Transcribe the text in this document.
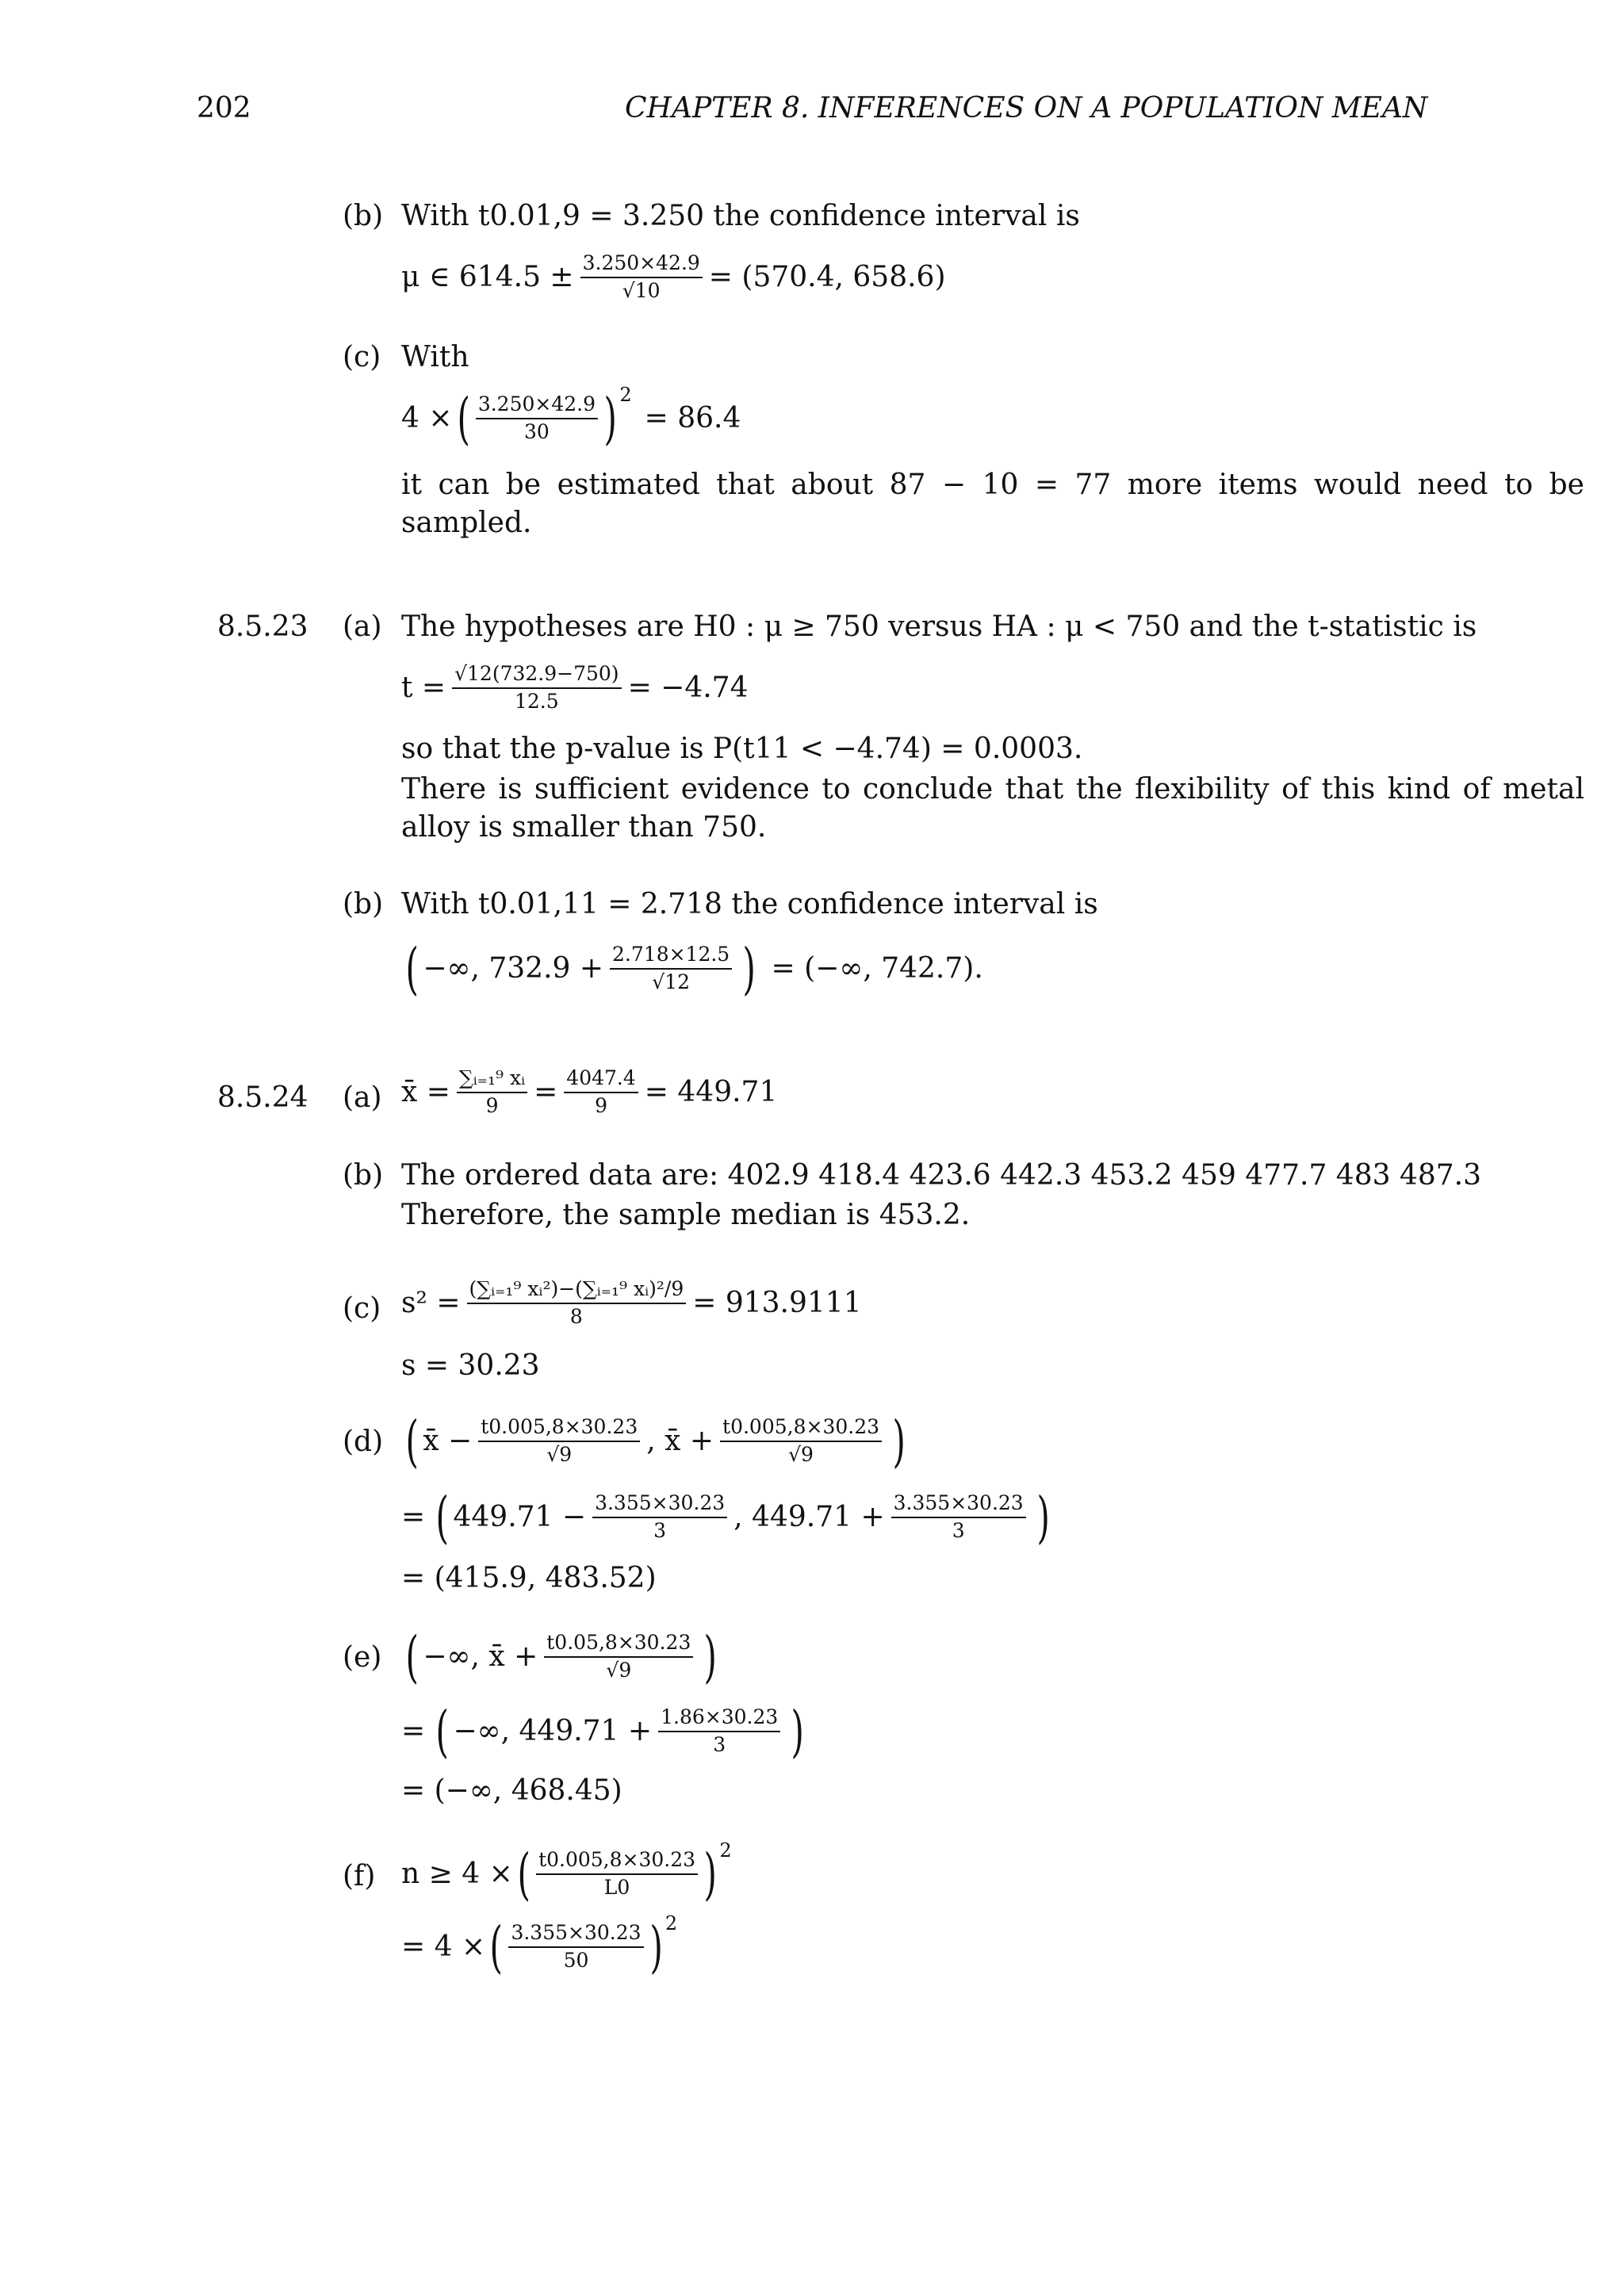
202	CHAPTER 8. INFERENCES ON A POPULATION MEAN
(b) With t0.01,9 = 3.250 the confidence interval is
μ ∈ $614.5 \pm \frac{3.250\times 42.9}{√10} = (570.4$, 658.6)
(c) With
4 × ( $\frac{3.250\times 42.9}{30}$ ) 2
= 86.4
it can be estimated that about 87 − 10 = 77 more items would need to be sampled.
8.5.23 (a) The hypotheses are H0 : μ ≥ 750 versus HA : μ < 750 and the t-statistic is
$t = \frac{√12(732.9-750)}{12.5} = -4.74$
so that the p-value is P(t11 < −4.74) = 0.0003.
There is sufficient evidence to conclude that the flexibility of this kind of metal alloy is smaller than 750.
(b) With t0.01,11 = 2.718 the confidence interval is
( −∞, $732.9 + \frac{2.718\times 12.5}{√12}$ ) = (−∞, 742.7).
8.5.24 (a) x̄ = $\frac{\text{∑ᵢ₌₁⁹ xᵢ}}{9} = \frac{4047.4}{9} = 449.71$
(b) The ordered data are: 402.9 418.4 423.6 442.3 453.2 459 477.7 483 487.3
Therefore, the sample median is 453.2.
(c) $s^2 = \frac{\text{(∑ᵢ₌₁⁹ xᵢ²)−(∑ᵢ₌₁⁹ xᵢ)²/9}}{8} = 913.9111$
s = 30.23
(d) ( x̄ − $\frac{t0.005,8\times 30.23}{√9}$ , x̄ + $\frac{t0.005,8\times 30.23}{√9}$ )
= ( $449.71 - \frac{3.355\times 30.23}{3}$ , $449.71 + \frac{3.355\times 30.23}{3}$ )
= (415.9, 483.52)
(e) ( −∞, x̄ + $\frac{t0.05,8\times 30.23}{√9}$ )
= ( −∞, $449.71 + \frac{1.86\times 30.23}{3}$ )
= (−∞, 468.45)
(f) n ≥ 4 × ( $\frac{t0.005,8\times 30.23}{L0}$ ) 2
= 4 × ( $\frac{3.355\times 30.23}{50}$ ) 2
